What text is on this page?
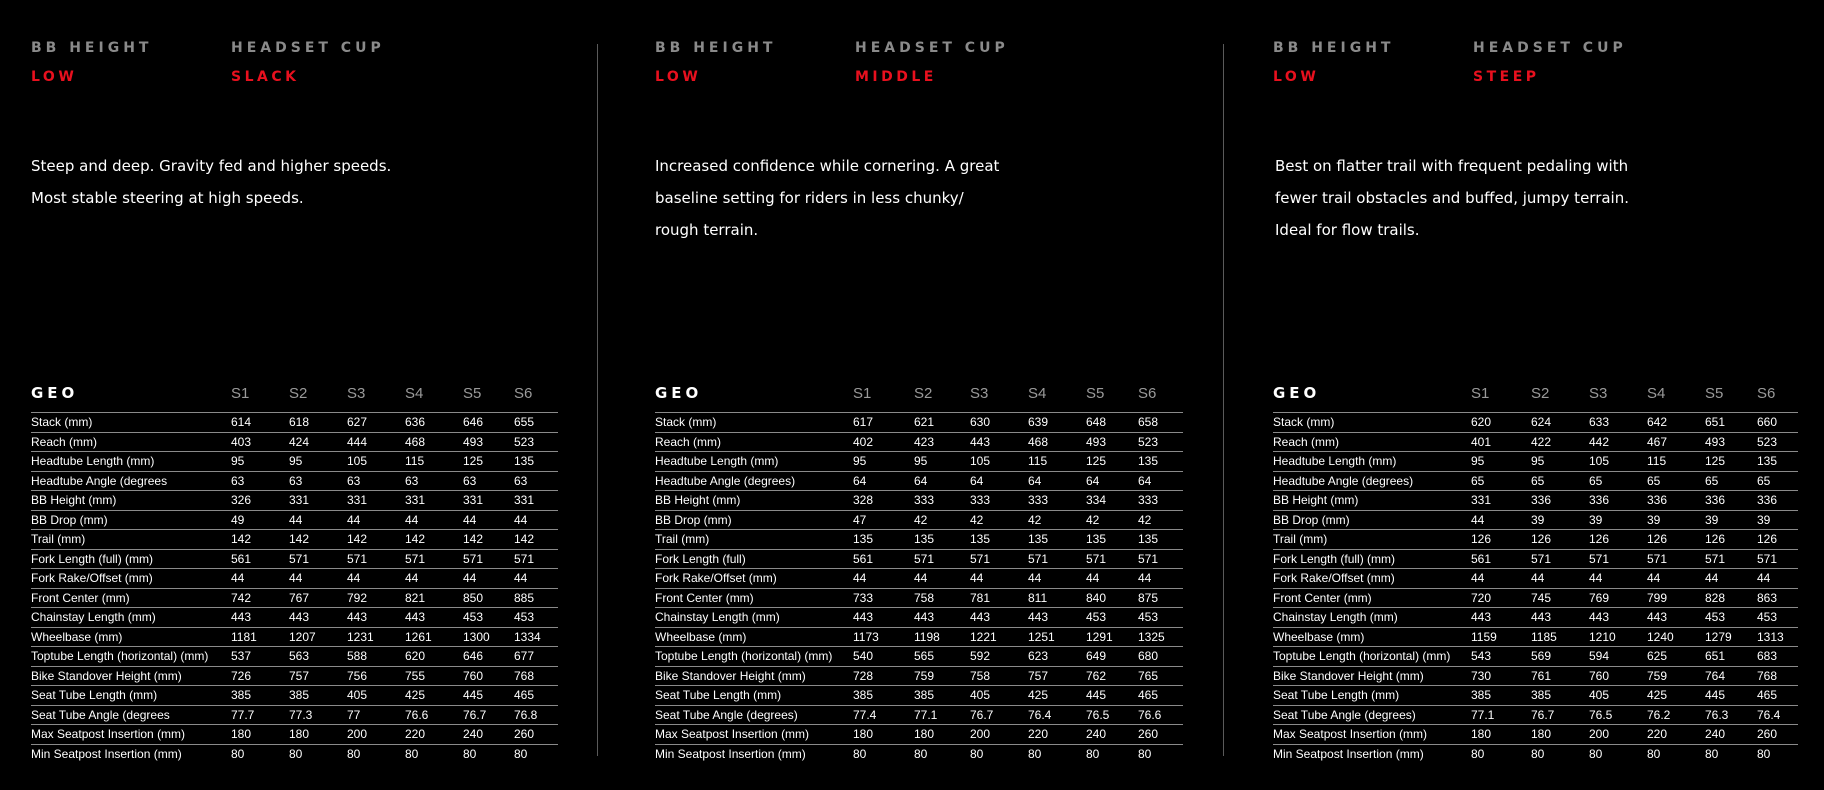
BB HEIGHT
LOW
HEADSET CUP
SLACK
Steep and deep. Gravity fed and higher speeds.
Most stable steering at high speeds.
GEO	S1	S2	S3	S4	S5	S6
Stack (mm)	614	618	627	636	646	655
Reach (mm)	403	424	444	468	493	523
Headtube Length (mm)	95	95	105	115	125	135
Headtube Angle (degrees	63	63	63	63	63	63
BB Height (mm)	326	331	331	331	331	331
BB Drop (mm)	49	44	44	44	44	44
Trail (mm)	142	142	142	142	142	142
Fork Length (full) (mm)	561	571	571	571	571	571
Fork Rake/Offset (mm)	44	44	44	44	44	44
Front Center (mm)	742	767	792	821	850	885
Chainstay Length (mm)	443	443	443	443	453	453
Wheelbase (mm)	1181	1207	1231	1261	1300	1334
Toptube Length (horizontal) (mm)	537	563	588	620	646	677
Bike Standover Height (mm)	726	757	756	755	760	768
Seat Tube Length (mm)	385	385	405	425	445	465
Seat Tube Angle (degrees	77.7	77.3	77	76.6	76.7	76.8
Max Seatpost Insertion (mm)	180	180	200	220	240	260
Min Seatpost Insertion (mm)	80	80	80	80	80	80
BB HEIGHT
LOW
HEADSET CUP
MIDDLE
Increased confidence while cornering. A great
baseline setting for riders in less chunky/
rough terrain.
GEO	S1	S2	S3	S4	S5	S6
Stack (mm)	617	621	630	639	648	658
Reach (mm)	402	423	443	468	493	523
Headtube Length (mm)	95	95	105	115	125	135
Headtube Angle (degrees)	64	64	64	64	64	64
BB Height (mm)	328	333	333	333	334	333
BB Drop (mm)	47	42	42	42	42	42
Trail (mm)	135	135	135	135	135	135
Fork Length (full)	561	571	571	571	571	571
Fork Rake/Offset (mm)	44	44	44	44	44	44
Front Center (mm)	733	758	781	811	840	875
Chainstay Length (mm)	443	443	443	443	453	453
Wheelbase (mm)	1173	1198	1221	1251	1291	1325
Toptube Length (horizontal) (mm)	540	565	592	623	649	680
Bike Standover Height (mm)	728	759	758	757	762	765
Seat Tube Length (mm)	385	385	405	425	445	465
Seat Tube Angle (degrees)	77.4	77.1	76.7	76.4	76.5	76.6
Max Seatpost Insertion (mm)	180	180	200	220	240	260
Min Seatpost Insertion (mm)	80	80	80	80	80	80
BB HEIGHT
LOW
HEADSET CUP
STEEP
Best on flatter trail with frequent pedaling with
fewer trail obstacles and buffed, jumpy terrain.
Ideal for flow trails.
GEO	S1	S2	S3	S4	S5	S6
Stack (mm)	620	624	633	642	651	660
Reach (mm)	401	422	442	467	493	523
Headtube Length (mm)	95	95	105	115	125	135
Headtube Angle (degrees)	65	65	65	65	65	65
BB Height (mm)	331	336	336	336	336	336
BB Drop (mm)	44	39	39	39	39	39
Trail (mm)	126	126	126	126	126	126
Fork Length (full) (mm)	561	571	571	571	571	571
Fork Rake/Offset (mm)	44	44	44	44	44	44
Front Center (mm)	720	745	769	799	828	863
Chainstay Length (mm)	443	443	443	443	453	453
Wheelbase (mm)	1159	1185	1210	1240	1279	1313
Toptube Length (horizontal) (mm)	543	569	594	625	651	683
Bike Standover Height (mm)	730	761	760	759	764	768
Seat Tube Length (mm)	385	385	405	425	445	465
Seat Tube Angle (degrees)	77.1	76.7	76.5	76.2	76.3	76.4
Max Seatpost Insertion (mm)	180	180	200	220	240	260
Min Seatpost Insertion (mm)	80	80	80	80	80	80
